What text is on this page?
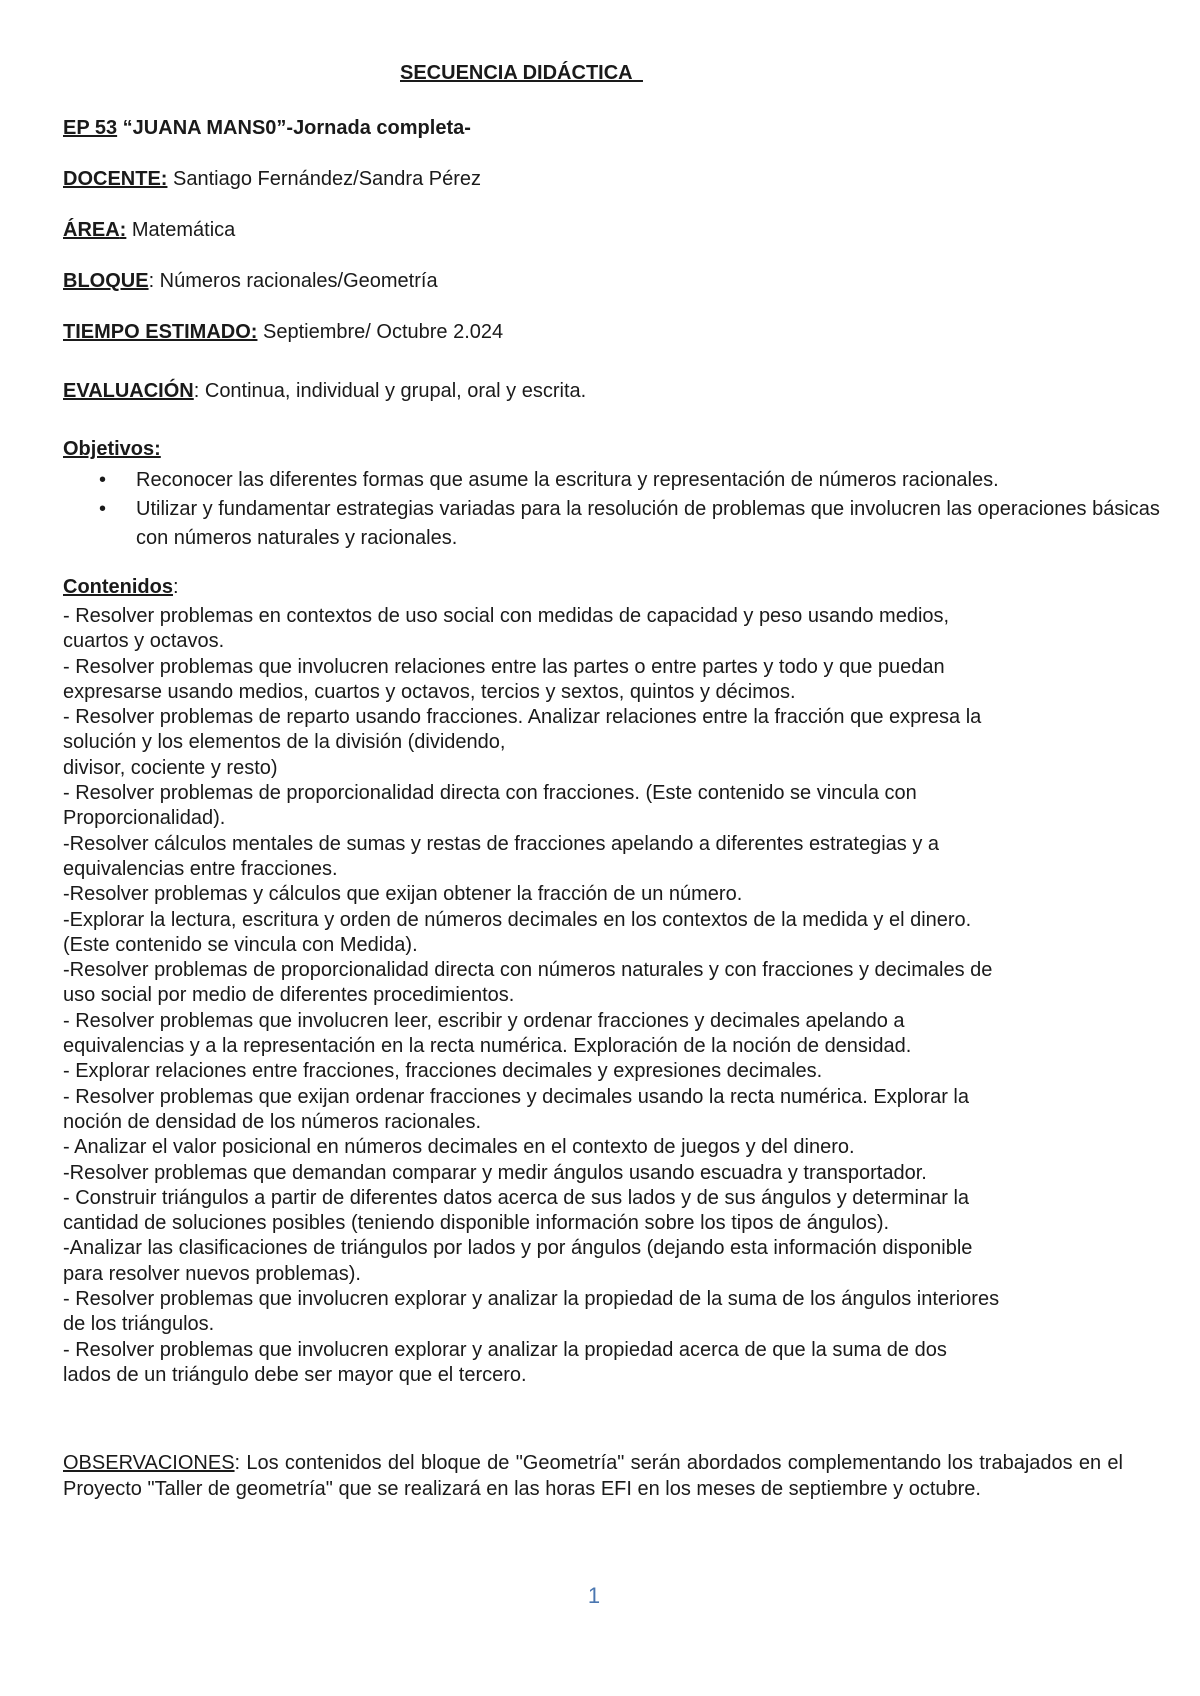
SECUENCIA DIDÁCTICA
EP 53 “JUANA MANS0”-Jornada completa-
DOCENTE: Santiago Fernández/Sandra Pérez
ÁREA: Matemática
BLOQUE: Números racionales/Geometría
TIEMPO ESTIMADO: Septiembre/ Octubre 2.024
EVALUACIÓN: Continua, individual y grupal, oral y escrita.
Objetivos:
• Reconocer las diferentes formas que asume la escritura y representación de números racionales.
• Utilizar y fundamentar estrategias variadas para la resolución de problemas que involucren las operaciones básicas con números naturales y racionales.
Contenidos:
- Resolver problemas en contextos de uso social con medidas de capacidad y peso usando medios,
cuartos y octavos.
- Resolver problemas que involucren relaciones entre las partes o entre partes y todo y que puedan
expresarse usando medios, cuartos y octavos, tercios y sextos, quintos y décimos.
- Resolver problemas de reparto usando fracciones. Analizar relaciones entre la fracción que expresa la
solución y los elementos de la división (dividendo,
divisor, cociente y resto)
- Resolver problemas de proporcionalidad directa con fracciones. (Este contenido se vincula con
Proporcionalidad).
-Resolver cálculos mentales de sumas y restas de fracciones apelando a diferentes estrategias y a
equivalencias entre fracciones.
-Resolver problemas y cálculos que exijan obtener la fracción de un número.
-Explorar la lectura, escritura y orden de números decimales en los contextos de la medida y el dinero.
(Este contenido se vincula con Medida).
-Resolver problemas de proporcionalidad directa con números naturales y con fracciones y decimales de
uso social por medio de diferentes procedimientos.
- Resolver problemas que involucren leer, escribir y ordenar fracciones y decimales apelando a
equivalencias y a la representación en la recta numérica. Exploración de la noción de densidad.
- Explorar relaciones entre fracciones, fracciones decimales y expresiones decimales.
- Resolver problemas que exijan ordenar fracciones y decimales usando la recta numérica. Explorar la
noción de densidad de los números racionales.
- Analizar el valor posicional en números decimales en el contexto de juegos y del dinero.
-Resolver problemas que demandan comparar y medir ángulos usando escuadra y transportador.
- Construir triángulos a partir de diferentes datos acerca de sus lados y de sus ángulos y determinar la
cantidad de soluciones posibles (teniendo disponible información sobre los tipos de ángulos).
-Analizar las clasificaciones de triángulos por lados y por ángulos (dejando esta información disponible
para resolver nuevos problemas).
- Resolver problemas que involucren explorar y analizar la propiedad de la suma de los ángulos interiores
de los triángulos.
- Resolver problemas que involucren explorar y analizar la propiedad acerca de que la suma de dos
lados de un triángulo debe ser mayor que el tercero.
OBSERVACIONES: Los contenidos del bloque de "Geometría" serán abordados complementando los trabajados en el Proyecto "Taller de geometría" que se realizará en las horas EFI en los meses de septiembre y octubre.
1
